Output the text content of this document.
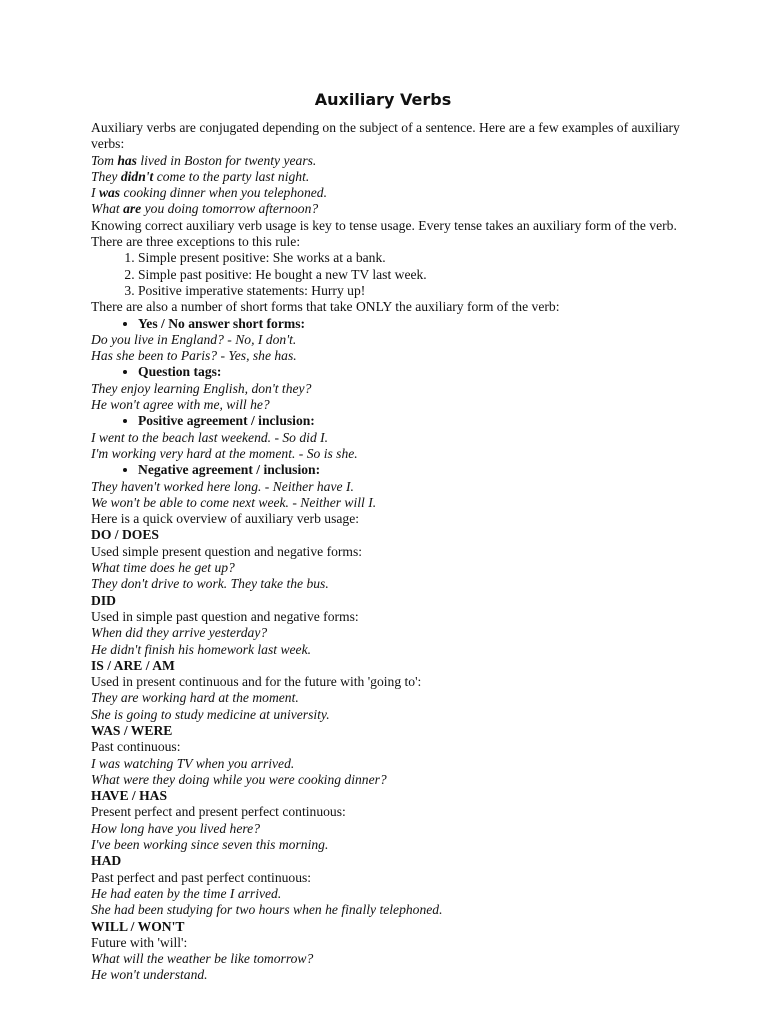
Auxiliary Verbs

Auxiliary verbs are conjugated depending on the subject of a sentence. Here are a few examples of auxiliary verbs:

Tom has lived in Boston for twenty years.

They didn't come to the party last night.

I was cooking dinner when you telephoned.

What are you doing tomorrow afternoon?

Knowing correct auxiliary verb usage is key to tense usage. Every tense takes an auxiliary form of the verb. There are three exceptions to this rule:

1. Simple present positive: She works at a bank.
2. Simple past positive: He bought a new TV last week.
3. Positive imperative statements: Hurry up!

There are also a number of short forms that take ONLY the auxiliary form of the verb:

• Yes / No answer short forms:

Do you live in England? - No, I don't.

Has she been to Paris? - Yes, she has.

• Question tags:

They enjoy learning English, don't they?

He won't agree with me, will he?

• Positive agreement / inclusion:

I went to the beach last weekend. - So did I.

I'm working very hard at the moment. - So is she.

• Negative agreement / inclusion:

They haven't worked here long. - Neither have I.

We won't be able to come next week. - Neither will I.

Here is a quick overview of auxiliary verb usage:

DO / DOES

Used simple present question and negative forms:

What time does he get up?

They don't drive to work. They take the bus.

DID

Used in simple past question and negative forms:

When did they arrive yesterday?

He didn't finish his homework last week.

IS / ARE / AM

Used in present continuous and for the future with 'going to':

They are working hard at the moment.

She is going to study medicine at university.

WAS / WERE

Past continuous:

I was watching TV when you arrived.

What were they doing while you were cooking dinner?

HAVE / HAS

Present perfect and present perfect continuous:

How long have you lived here?

I've been working since seven this morning.

HAD

Past perfect and past perfect continuous:

He had eaten by the time I arrived.

She had been studying for two hours when he finally telephoned.

WILL / WON'T

Future with 'will':

What will the weather be like tomorrow?

He won't understand.
